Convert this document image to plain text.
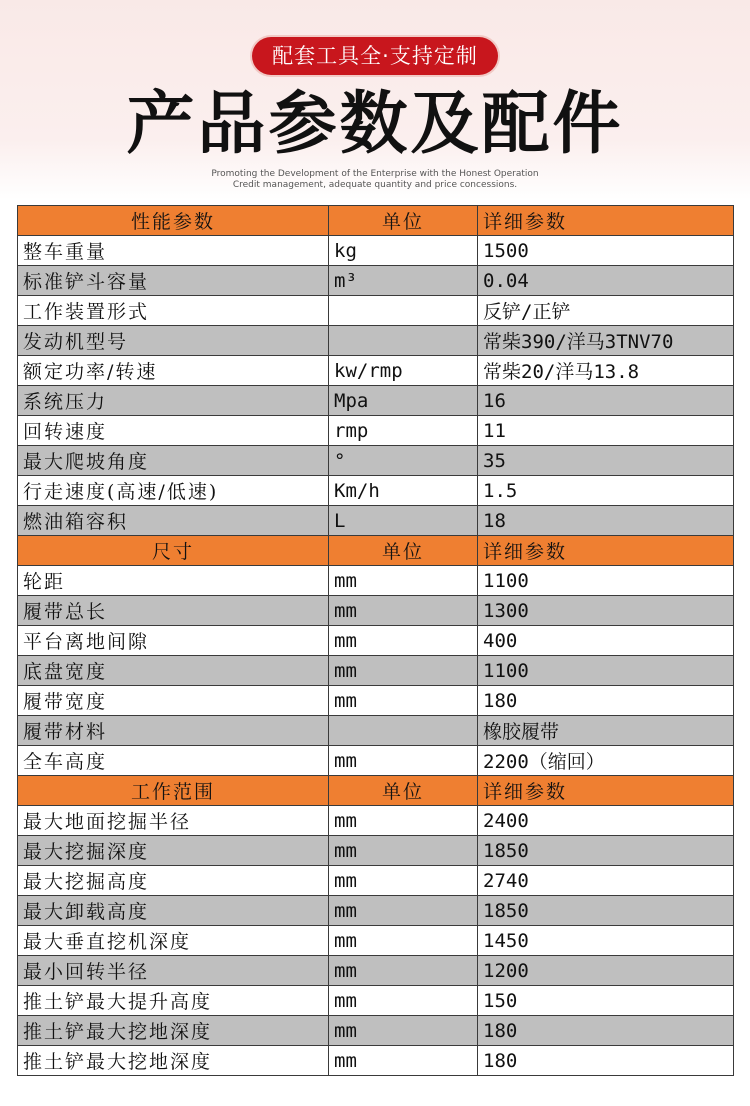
配套工具全·支持定制
产品参数及配件
Promoting the Development of the Enterprise with the Honest Operation
Credit management, adequate quantity and price concessions.
性能参数	单位	详细参数
整车重量	kg	1500
标准铲斗容量	m³	0.04
工作装置形式		反铲/正铲
发动机型号		常柴390/洋马3TNV70
额定功率/转速	kw/rmp	常柴20/洋马13.8
系统压力	Mpa	16
回转速度	rmp	11
最大爬坡角度	°	35
行走速度(高速/低速)	Km/h	1.5
燃油箱容积	L	18
尺寸	单位	详细参数
轮距	mm	1100
履带总长	mm	1300
平台离地间隙	mm	400
底盘宽度	mm	1100
履带宽度	mm	180
履带材料		橡胶履带
全车高度	mm	2200（缩回）
工作范围	单位	详细参数
最大地面挖掘半径	mm	2400
最大挖掘深度	mm	1850
最大挖掘高度	mm	2740
最大卸载高度	mm	1850
最大垂直挖机深度	mm	1450
最小回转半径	mm	1200
推土铲最大提升高度	mm	150
推土铲最大挖地深度	mm	180
推土铲最大挖地深度	mm	180
